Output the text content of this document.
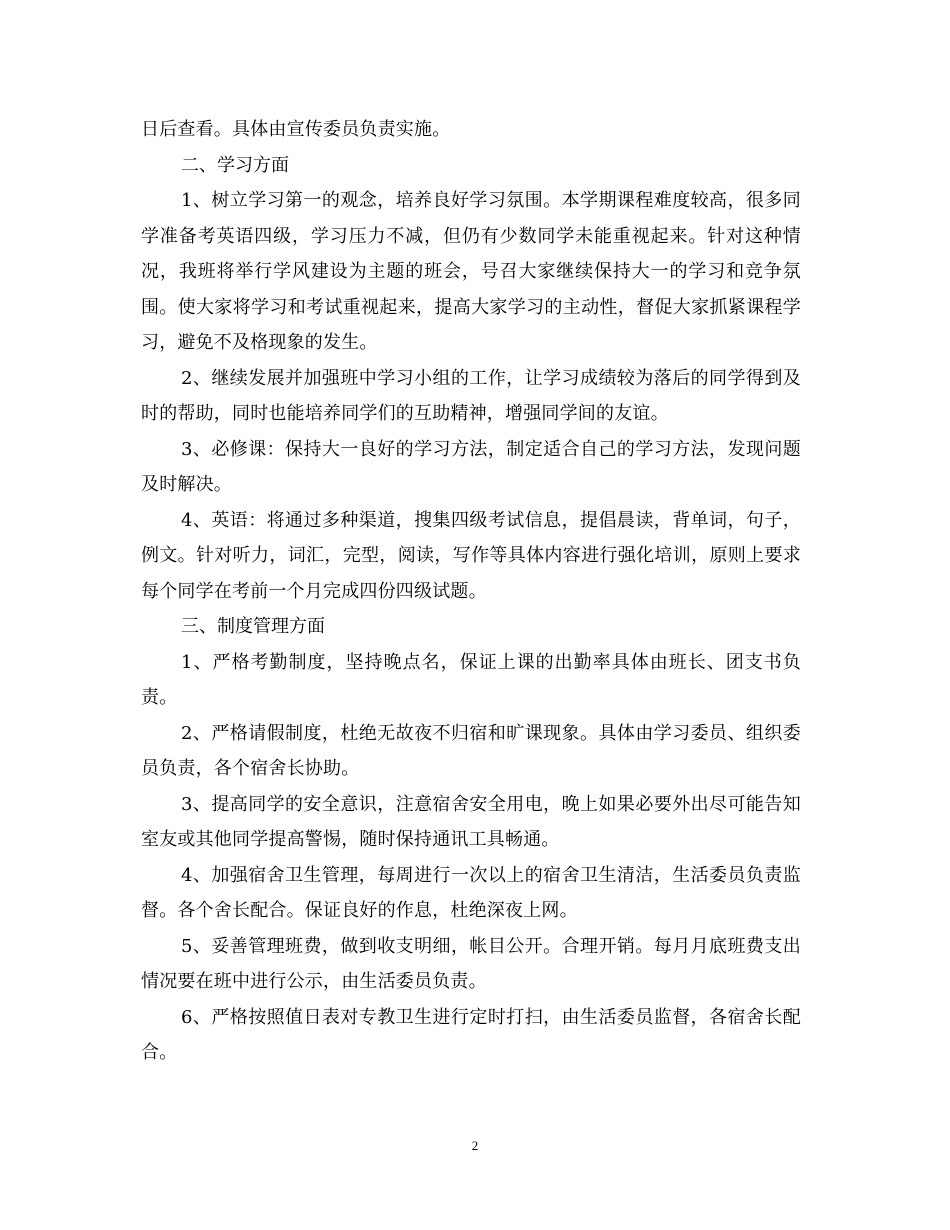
日后查看。具体由宣传委员负责实施。

二、学习方面

1、树立学习第一的观念，培养良好学习氛围。本学期课程难度较高，很多同学准备考英语四级，学习压力不减，但仍有少数同学未能重视起来。针对这种情况，我班将举行学风建设为主题的班会，号召大家继续保持大一的学习和竞争氛围。使大家将学习和考试重视起来，提高大家学习的主动性，督促大家抓紧课程学习，避免不及格现象的发生。

2、继续发展并加强班中学习小组的工作，让学习成绩较为落后的同学得到及时的帮助，同时也能培养同学们的互助精神，增强同学间的友谊。

3、必修课：保持大一良好的学习方法，制定适合自己的学习方法，发现问题及时解决。

4、英语：将通过多种渠道，搜集四级考试信息，提倡晨读，背单词，句子，例文。针对听力，词汇，完型，阅读，写作等具体内容进行强化培训，原则上要求每个同学在考前一个月完成四份四级试题。

三、制度管理方面

1、严格考勤制度，坚持晚点名，保证上课的出勤率具体由班长、团支书负责。

2、严格请假制度，杜绝无故夜不归宿和旷课现象。具体由学习委员、组织委员负责，各个宿舍长协助。

3、提高同学的安全意识，注意宿舍安全用电，晚上如果必要外出尽可能告知室友或其他同学提高警惕，随时保持通讯工具畅通。

4、加强宿舍卫生管理，每周进行一次以上的宿舍卫生清洁，生活委员负责监督。各个舍长配合。保证良好的作息，杜绝深夜上网。

5、妥善管理班费，做到收支明细，帐目公开。合理开销。每月月底班费支出情况要在班中进行公示，由生活委员负责。

6、严格按照值日表对专教卫生进行定时打扫，由生活委员监督，各宿舍长配合。

2
